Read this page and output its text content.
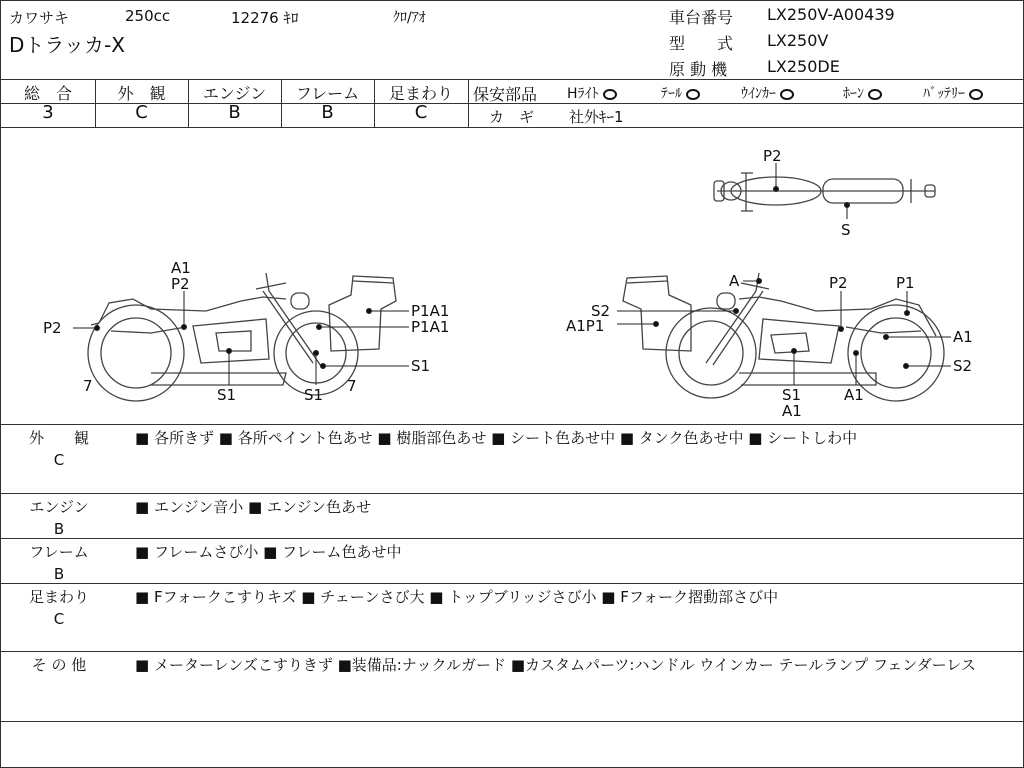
カワサキ	250cc	12276 ｷﾛ	ｸﾛ/ｱｵ
Dトラッカ-X
車台番号 LX250V-A00439
型　　式 LX250V
原 動 機 LX250DE
総　合
3
外　観
C
エンジン
B
フレーム
B
足まわり
C
保安部品 Hﾗｲﾄ	ﾃｰﾙ	ｳｲﾝｶｰ	ﾎｰﾝ	ﾊﾞｯﾃﾘｰ
カ　ギ 社外ｷｰ1
P2
S
A1
P2
P2
P1A1
P1A1
S1
7	S1	S1 7
A	P2	P1
S2
A1P1
A1
S2
S1
A1
A1
外　　観
C
■ 各所きず ■ 各所ペイント色あせ ■ 樹脂部色あせ ■ シート色あせ中 ■ タンク色あせ中 ■ シートしわ中
エンジン
B
■ エンジン音小 ■ エンジン色あせ
フレーム
B
■ フレームさび小 ■ フレーム色あせ中
足まわり
C
■ Fフォークこすりキズ ■ チェーンさび大 ■ トップブリッジさび小 ■ Fフォーク摺動部さび中
そ の 他	■ メーターレンズこすりきず ■装備品:ナックルガード ■カスタムパーツ:ハンドル ウインカー テールランプ フェンダーレス
